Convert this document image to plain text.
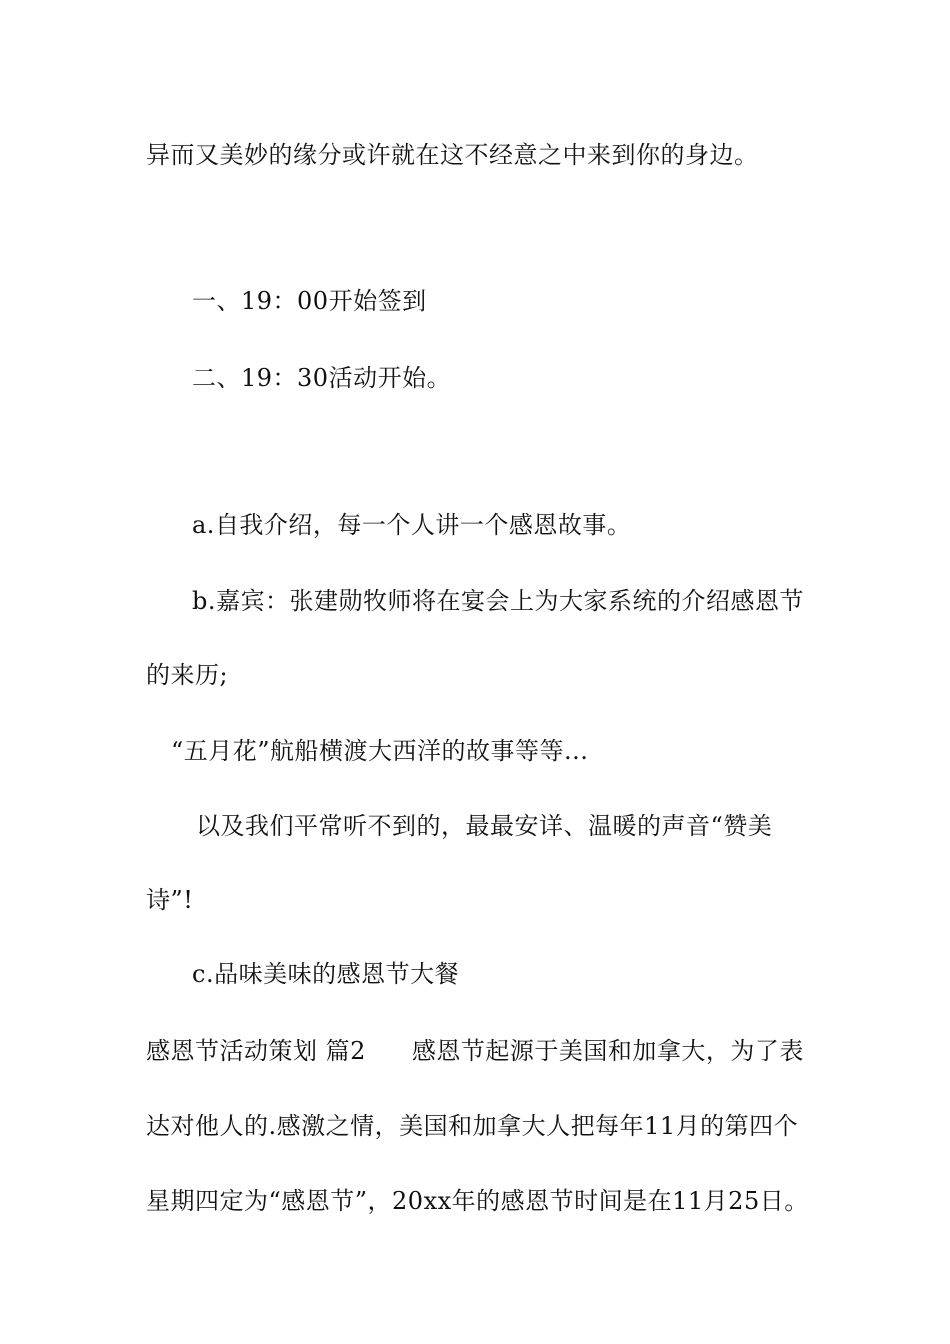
异而又美妙的缘分或许就在这不经意之中来到你的身边。
一、19：00开始签到
二、19：30活动开始。
a.自我介绍，每一个人讲一个感恩故事。
b.嘉宾：张建勋牧师将在宴会上为大家系统的介绍感恩节
的来历;
“五月花”航船横渡大西洋的故事等等...
以及我们平常听不到的，最最安详、温暖的声音“赞美
诗”!
c.品味美味的感恩节大餐
感恩节活动策划 篇2 感恩节起源于美国和加拿大，为了表
达对他人的.感激之情，美国和加拿大人把每年11月的第四个
星期四定为“感恩节”，20xx年的感恩节时间是在11月25日。
